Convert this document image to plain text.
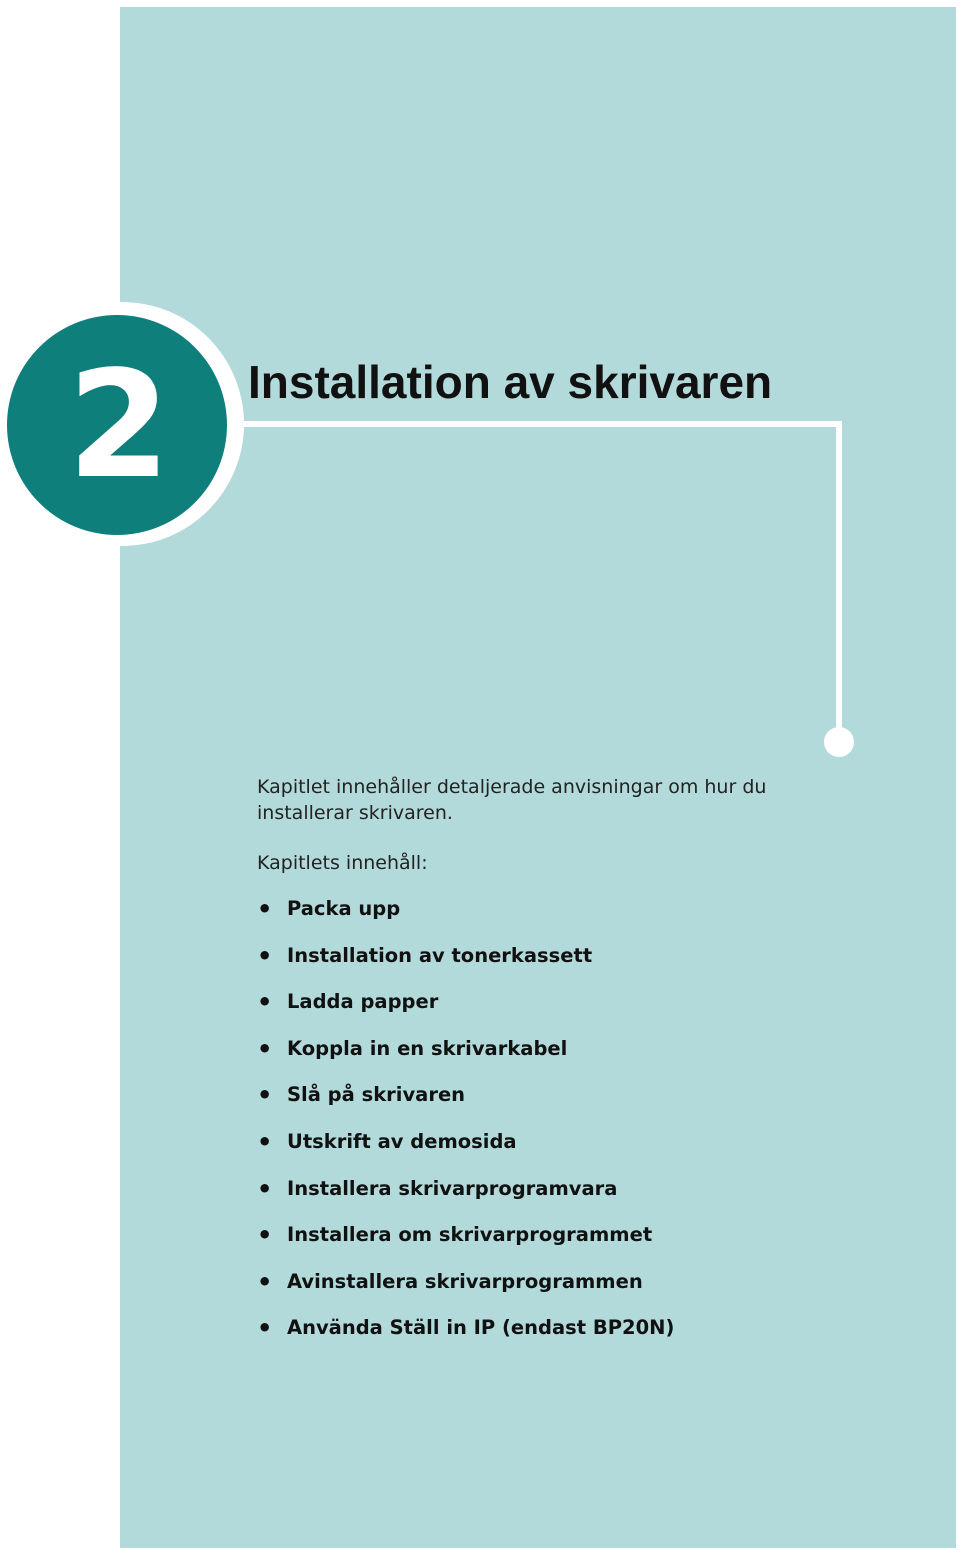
2	Installation av skrivaren

Kapitlet innehåller detaljerade anvisningar om hur du installerar skrivaren.

Kapitlets innehåll:

• Packa upp
• Installation av tonerkassett
• Ladda papper
• Koppla in en skrivarkabel
• Slå på skrivaren
• Utskrift av demosida
• Installera skrivarprogramvara
• Installera om skrivarprogrammet
• Avinstallera skrivarprogrammen
• Använda Ställ in IP (endast BP20N)
